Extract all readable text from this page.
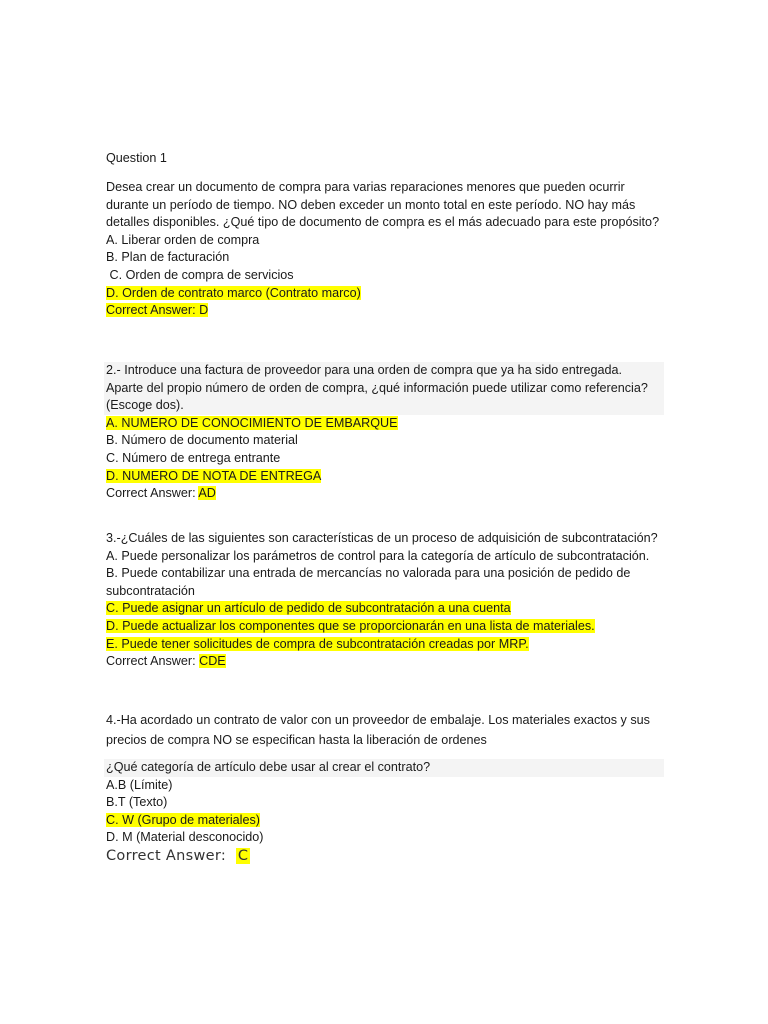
Question 1
Desea crear un documento de compra para varias reparaciones menores que pueden ocurrir
durante un período de tiempo. NO deben exceder un monto total en este período. NO hay más
detalles disponibles. ¿Qué tipo de documento de compra es el más adecuado para este propósito?
A. Liberar orden de compra
B. Plan de facturación
C. Orden de compra de servicios
D. Orden de contrato marco (Contrato marco)
Correct Answer: D
2.- Introduce una factura de proveedor para una orden de compra que ya ha sido entregada.
Aparte del propio número de orden de compra, ¿qué información puede utilizar como referencia?
(Escoge dos).
A. NUMERO DE CONOCIMIENTO DE EMBARQUE
B. Número de documento material
C. Número de entrega entrante
D. NUMERO DE NOTA DE ENTREGA
Correct Answer: AD
3.-¿Cuáles de las siguientes son características de un proceso de adquisición de subcontratación?
A. Puede personalizar los parámetros de control para la categoría de artículo de subcontratación.
B. Puede contabilizar una entrada de mercancías no valorada para una posición de pedido de
subcontratación
C. Puede asignar un artículo de pedido de subcontratación a una cuenta
D. Puede actualizar los componentes que se proporcionarán en una lista de materiales.
E. Puede tener solicitudes de compra de subcontratación creadas por MRP.
Correct Answer: CDE
4.-Ha acordado un contrato de valor con un proveedor de embalaje. Los materiales exactos y sus
precios de compra NO se especifican hasta la liberación de ordenes
¿Qué categoría de artículo debe usar al crear el contrato?
A.B (Límite)
B.T (Texto)
C. W (Grupo de materiales)
D. M (Material desconocido)
Correct Answer:  C
